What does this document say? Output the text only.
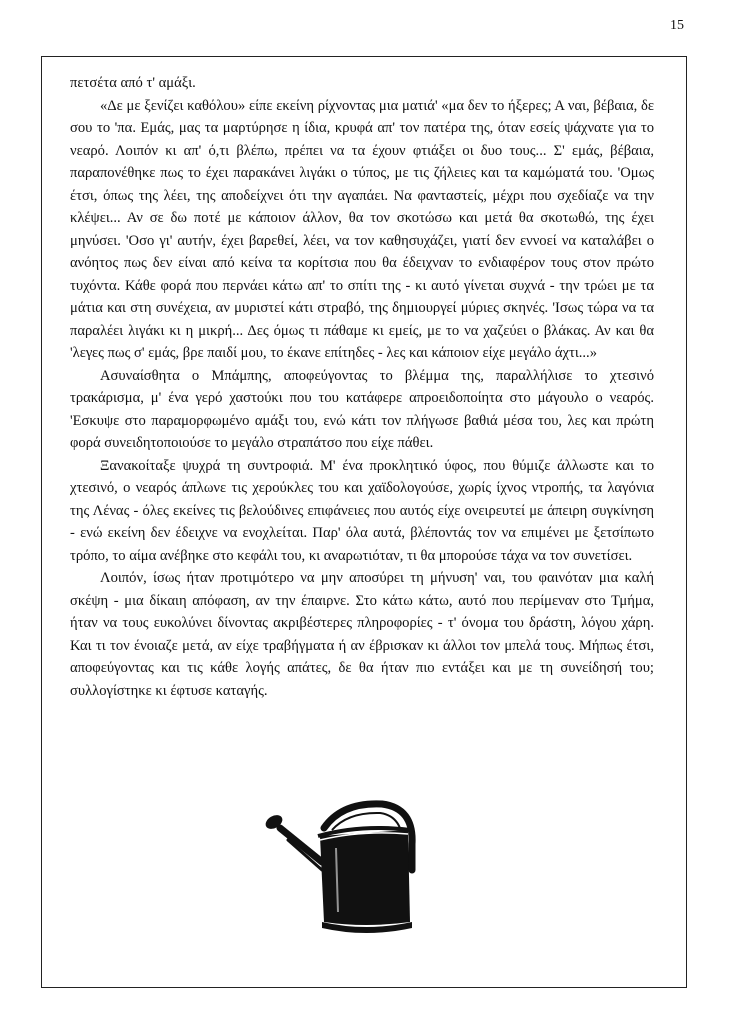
15

πετσέτα από τ' αμάξι.

«Δε με ξενίζει καθόλου» είπε εκείνη ρίχνοντας μια ματιά' «μα δεν το ήξερες; Α ναι, βέβαια, δε σου το 'πα. Εμάς, μας τα μαρτύρησε η ίδια, κρυφά απ' τον πατέρα της, όταν εσείς ψάχνατε για το νεαρό. Λοιπόν κι απ' ό,τι βλέπω, πρέπει να τα έχουν φτιάξει οι δυο τους... Σ' εμάς, βέβαια, παραπονέθηκε πως το έχει παρακάνει λιγάκι ο τύπος, με τις ζήλειες και τα καμώματά του. 'Ομως έτσι, όπως της λέει, της αποδείχνει ότι την αγαπάει. Να φανταστείς, μέχρι που σχεδίαζε να την κλέψει... Αν σε δω ποτέ με κάποιον άλλον, θα τον σκοτώσω και μετά θα σκοτωθώ, της έχει μηνύσει. 'Οσο γι' αυτήν, έχει βαρεθεί, λέει, να τον καθησυχάζει, γιατί δεν εννοεί να καταλάβει ο ανόητος πως δεν είναι από κείνα τα κορίτσια που θα έδειχναν το ενδιαφέρον τους στον πρώτο τυχόντα. Κάθε φορά που περνάει κάτω απ' το σπίτι της - κι αυτό γίνεται συχνά - την τρώει με τα μάτια και στη συνέχεια, αν μυριστεί κάτι στραβό, της δημιουργεί μύριες σκηνές. 'Ισως τώρα να τα παραλέει λιγάκι κι η μικρή... Δες όμως τι πάθαμε κι εμείς, με το να χαζεύει ο βλάκας. Αν και θα 'λεγες πως σ' εμάς, βρε παιδί μου, το έκανε επίτηδες - λες και κάποιον είχε μεγάλο άχτι...»

Ασυναίσθητα ο Μπάμπης, αποφεύγοντας το βλέμμα της, παραλλήλισε το χτεσινό τρακάρισμα, μ' ένα γερό χαστούκι που του κατάφερε απροειδοποίητα στο μάγουλο ο νεαρός. 'Εσκυψε στο παραμορφωμένο αμάξι του, ενώ κάτι τον πλήγωσε βαθιά μέσα του, λες και πρώτη φορά συνειδητοποιούσε το μεγάλο στραπάτσο που είχε πάθει.

Ξανακοίταξε ψυχρά τη συντροφιά. Μ' ένα προκλητικό ύφος, που θύμιζε άλλωστε και το χτεσινό, ο νεαρός άπλωνε τις χερούκλες του και χαϊδολογούσε, χωρίς ίχνος ντροπής, τα λαγόνια της Λένας - όλες εκείνες τις βελούδινες επιφάνειες που αυτός είχε ονειρευτεί με άπειρη συγκίνηση - ενώ εκείνη δεν έδειχνε να ενοχλείται. Παρ' όλα αυτά, βλέποντάς τον να επιμένει με ξετσίπωτο τρόπο, το αίμα ανέβηκε στο κεφάλι του, κι αναρωτιόταν, τι θα μπορούσε τάχα να τον συνετίσει.

Λοιπόν, ίσως ήταν προτιμότερο να μην αποσύρει τη μήνυση' ναι, του φαινόταν μια καλή σκέψη - μια δίκαιη απόφαση, αν την έπαιρνε. Στο κάτω κάτω, αυτό που περίμεναν στο Τμήμα, ήταν να τους ευκολύνει δίνοντας ακριβέστερες πληροφορίες - τ' όνομα του δράστη, λόγου χάρη. Και τι τον ένοιαζε μετά, αν είχε τραβήγματα ή αν έβρισκαν κι άλλοι τον μπελά τους. Μήπως έτσι, αποφεύγοντας και τις κάθε λογής απάτες, δε θα ήταν πιο εντάξει και με τη συνείδησή του; συλλογίστηκε κι έφτυσε καταγής.
